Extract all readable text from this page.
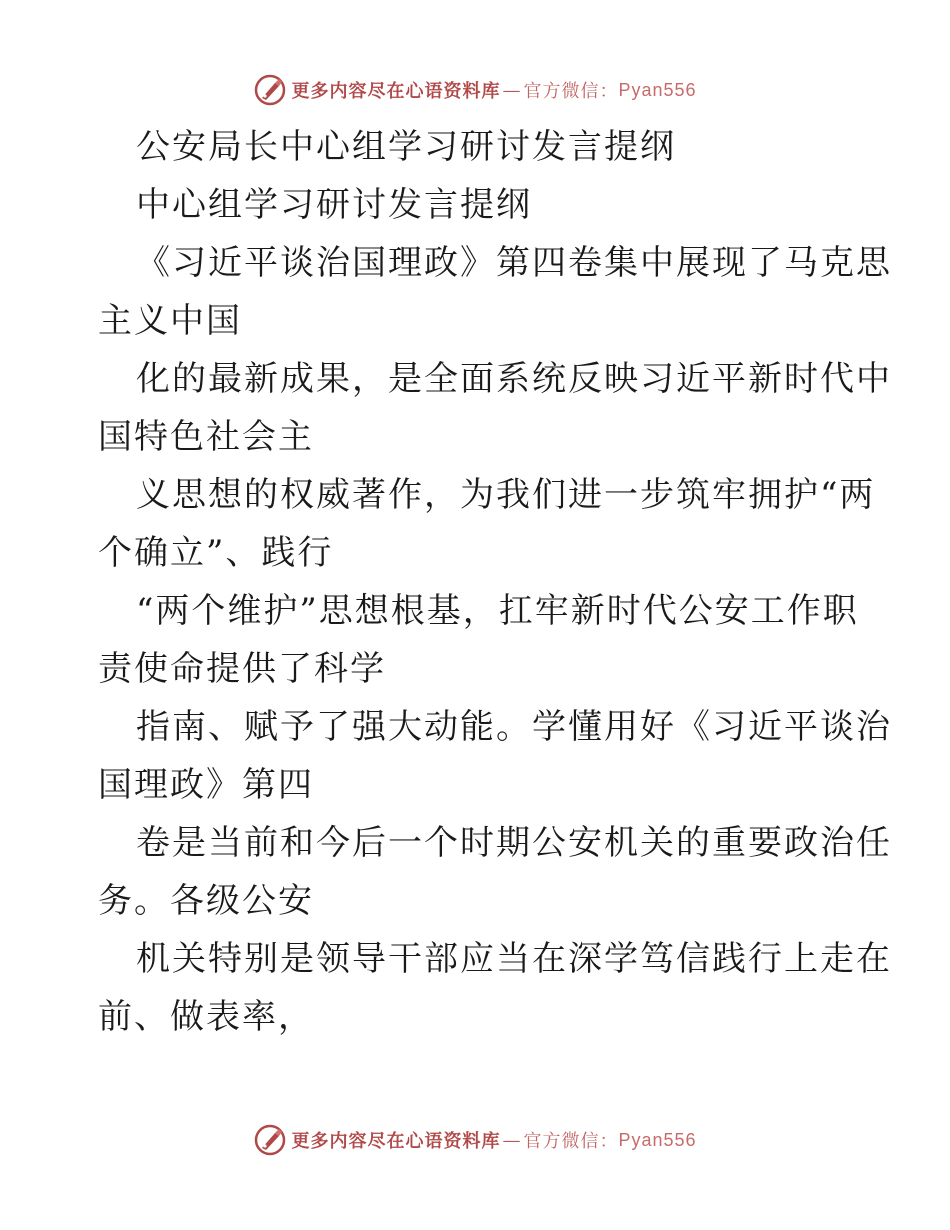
更多内容尽在心语资料库 — 官方微信： Pyan556
公安局长中心组学习研讨发言提纲
中心组学习研讨发言提纲
《习近平谈治国理政》第四卷集中展现了马克思
主义中国
化的最新成果，是全面系统反映习近平新时代中
国特色社会主
义思想的权威著作，为我们进一步筑牢拥护“两
个确立”、践行
“两个维护”思想根基，扛牢新时代公安工作职
责使命提供了科学
指南、赋予了强大动能。学懂用好《习近平谈治
国理政》第四
卷是当前和今后一个时期公安机关的重要政治任
务。各级公安
机关特别是领导干部应当在深学笃信践行上走在
前、做表率，
更多内容尽在心语资料库 — 官方微信： Pyan556
